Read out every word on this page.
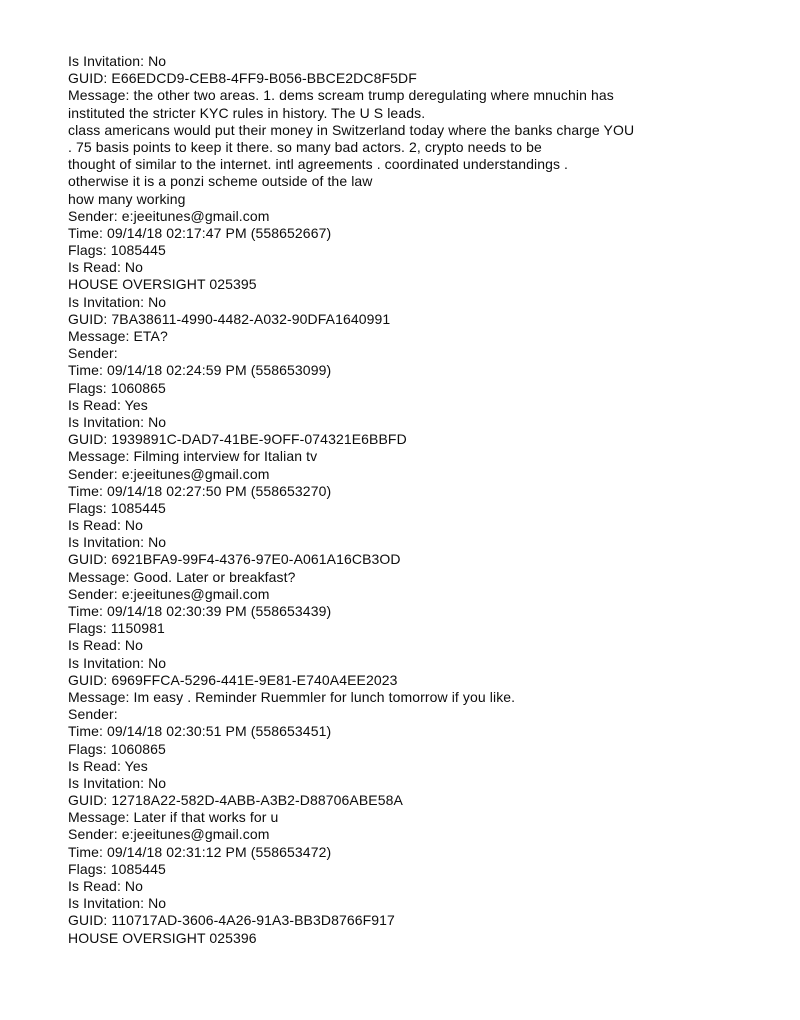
Is Invitation: No
GUID: E66EDCD9-CEB8-4FF9-B056-BBCE2DC8F5DF
Message: the other two areas. 1. dems scream trump deregulating where mnuchin has
instituted the stricter KYC rules in history. The U S leads.
class americans would put their money in Switzerland today where the banks charge YOU
. 75 basis points to keep it there. so many bad actors. 2, crypto needs to be
thought of similar to the internet. intl agreements . coordinated understandings .
otherwise it is a ponzi scheme outside of the law
how many working
Sender: e:jeeitunes@gmail.com
Time: 09/14/18 02:17:47 PM (558652667)
Flags: 1085445
Is Read: No
HOUSE OVERSIGHT 025395
Is Invitation: No
GUID: 7BA38611-4990-4482-A032-90DFA1640991
Message: ETA?
Sender:
Time: 09/14/18 02:24:59 PM (558653099)
Flags: 1060865
Is Read: Yes
Is Invitation: No
GUID: 1939891C-DAD7-41BE-9OFF-074321E6BBFD
Message: Filming interview for Italian tv
Sender: e:jeeitunes@gmail.com
Time: 09/14/18 02:27:50 PM (558653270)
Flags: 1085445
Is Read: No
Is Invitation: No
GUID: 6921BFA9-99F4-4376-97E0-A061A16CB3OD
Message: Good. Later or breakfast?
Sender: e:jeeitunes@gmail.com
Time: 09/14/18 02:30:39 PM (558653439)
Flags: 1150981
Is Read: No
Is Invitation: No
GUID: 6969FFCA-5296-441E-9E81-E740A4EE2023
Message: Im easy . Reminder Ruemmler for lunch tomorrow if you like.
Sender:
Time: 09/14/18 02:30:51 PM (558653451)
Flags: 1060865
Is Read: Yes
Is Invitation: No
GUID: 12718A22-582D-4ABB-A3B2-D88706ABE58A
Message: Later if that works for u
Sender: e:jeeitunes@gmail.com
Time: 09/14/18 02:31:12 PM (558653472)
Flags: 1085445
Is Read: No
Is Invitation: No
GUID: 110717AD-3606-4A26-91A3-BB3D8766F917
HOUSE OVERSIGHT 025396
